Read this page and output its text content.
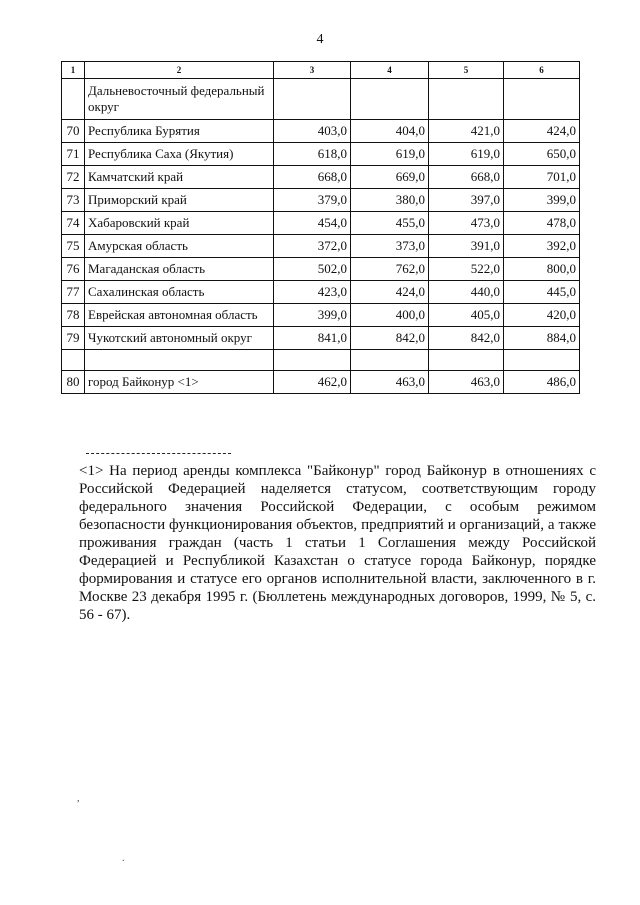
4
1	2	3	4	5	6
	Дальневосточный федеральный округ				
70	Республика Бурятия	403,0	404,0	421,0	424,0
71	Республика Саха (Якутия)	618,0	619,0	619,0	650,0
72	Камчатский край	668,0	669,0	668,0	701,0
73	Приморский край	379,0	380,0	397,0	399,0
74	Хабаровский край	454,0	455,0	473,0	478,0
75	Амурская область	372,0	373,0	391,0	392,0
76	Магаданская область	502,0	762,0	522,0	800,0
77	Сахалинская область	423,0	424,0	440,0	445,0
78	Еврейская автономная область	399,0	400,0	405,0	420,0
79	Чукотский автономный округ	841,0	842,0	842,0	884,0

80	город Байконур <1>	462,0	463,0	463,0	486,0
<1> На период аренды комплекса "Байконур" город Байконур в отношениях с Российской Федерацией наделяется статусом, соответствующим городу федерального значения Российской Федерации, с особым режимом безопасности функционирования объектов, предприятий и организаций, а также проживания граждан (часть 1 статьи 1 Соглашения между Российской Федерацией и Республикой Казахстан о статусе города Байконур, порядке формирования и статусе его органов исполнительной власти, заключенного в г. Москве 23 декабря 1995 г. (Бюллетень международных договоров, 1999, № 5, с. 56 - 67).
,
.
